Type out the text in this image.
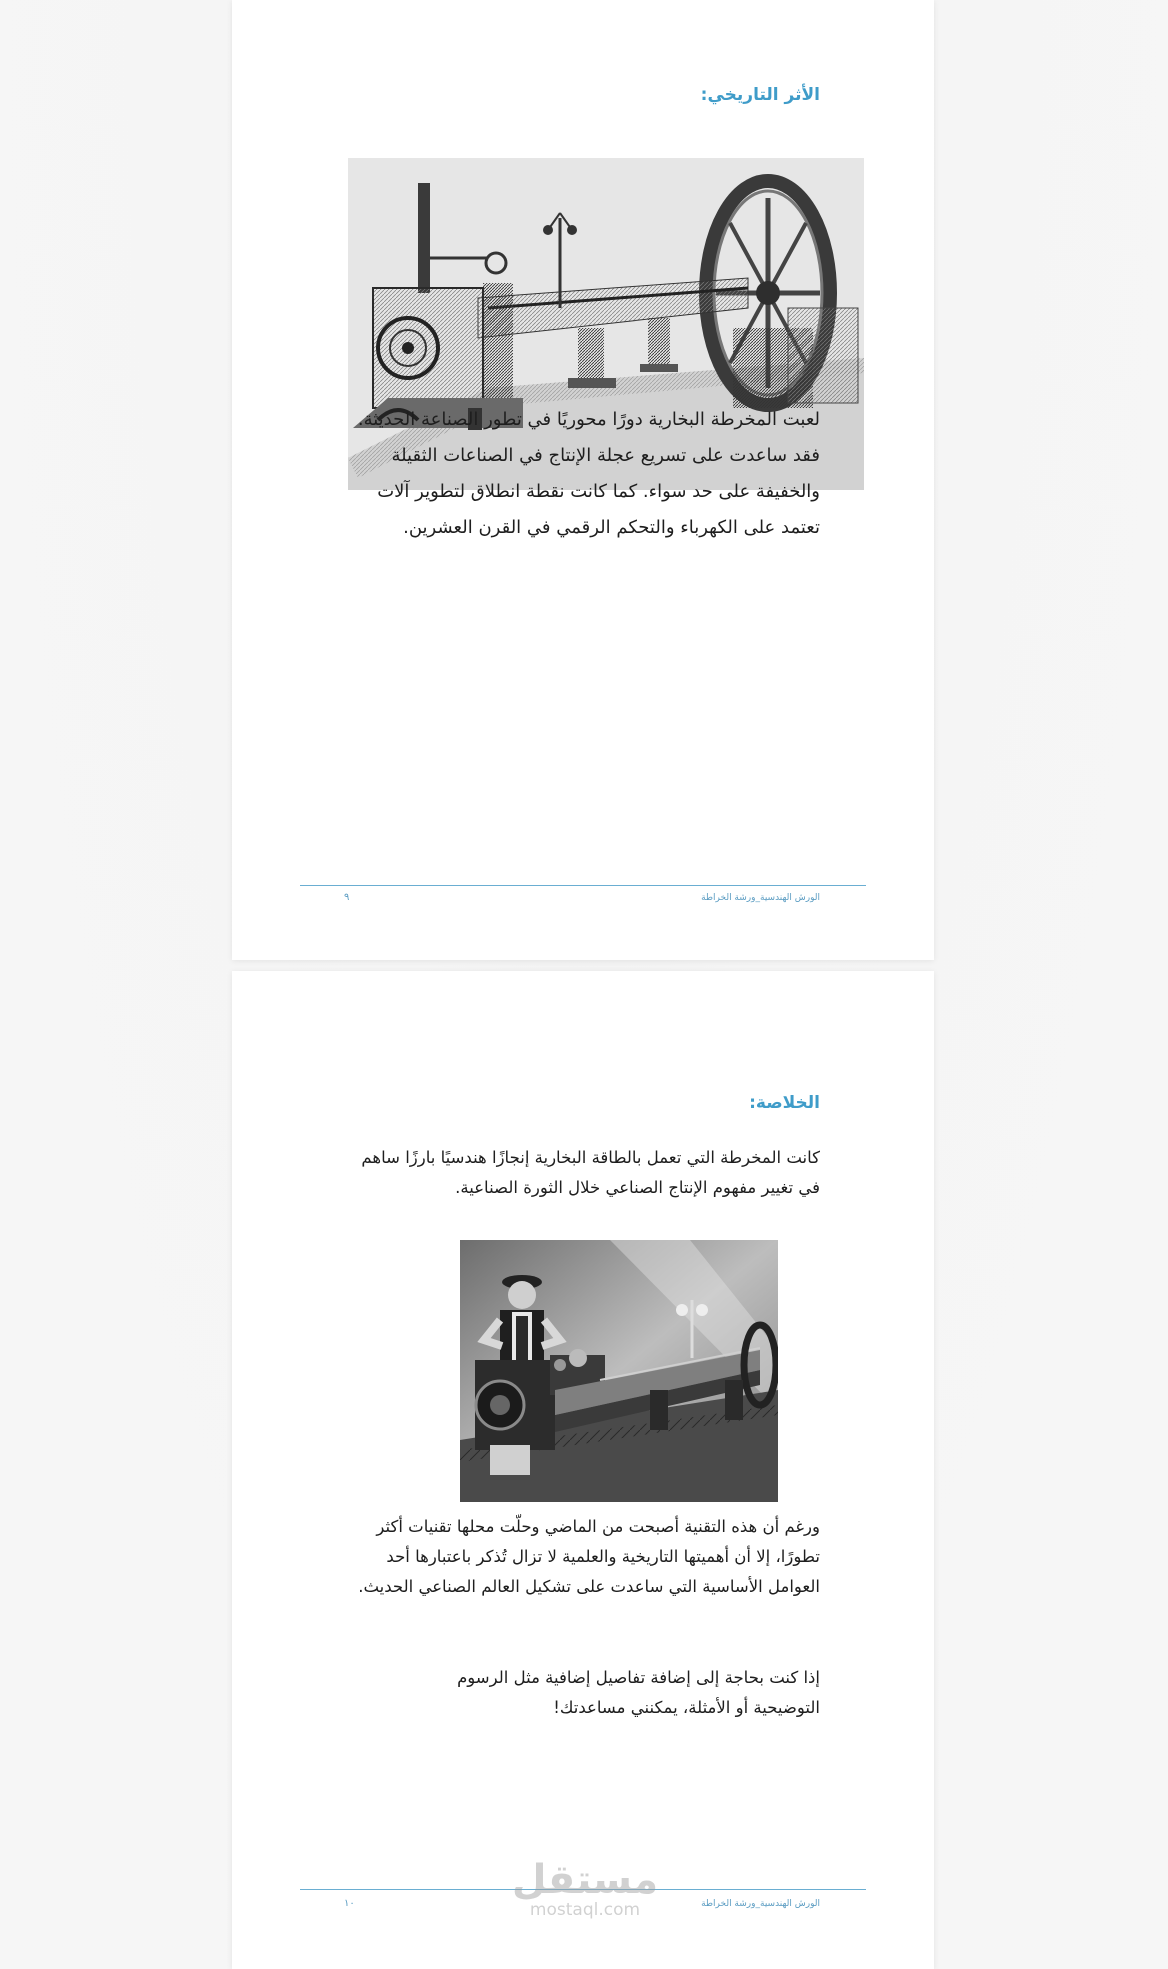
الأثر التاريخي:

لعبت المخرطة البخارية دورًا محوريًا في تطور الصناعة الحديثة. فقد ساعدت على تسريع عجلة الإنتاج في الصناعات الثقيلة والخفيفة على حد سواء. كما كانت نقطة انطلاق لتطوير آلات تعتمد على الكهرباء والتحكم الرقمي في القرن العشرين.

الورش الهندسية_ورشة الخراطة
٩
الخلاصة:

كانت المخرطة التي تعمل بالطاقة البخارية إنجازًا هندسيًا بارزًا ساهم في تغيير مفهوم الإنتاج الصناعي خلال الثورة الصناعية.

ورغم أن هذه التقنية أصبحت من الماضي وحلّت محلها تقنيات أكثر تطورًا، إلا أن أهميتها التاريخية والعلمية لا تزال تُذكر باعتبارها أحد العوامل الأساسية التي ساعدت على تشكيل العالم الصناعي الحديث.

إذا كنت بحاجة إلى إضافة تفاصيل إضافية مثل الرسوم التوضيحية أو الأمثلة، يمكنني مساعدتك!

الورش الهندسية_ورشة الخراطة
١٠
مستقل
mostaql.com
